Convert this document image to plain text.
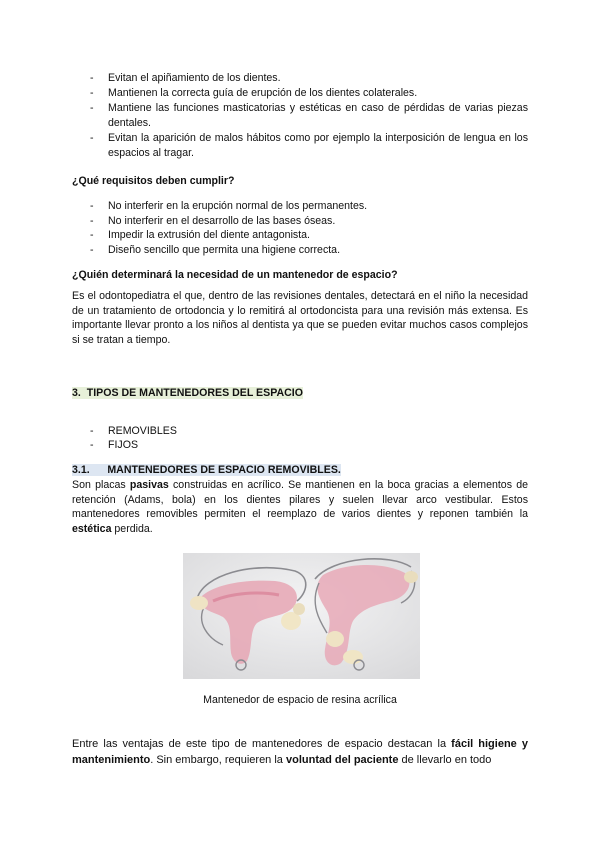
- Evitan el apiñamiento de los dientes.
- Mantienen la correcta guía de erupción de los dientes colaterales.
- Mantiene las funciones masticatorias y estéticas en caso de pérdidas de varias piezas dentales.
- Evitan la aparición de malos hábitos como por ejemplo la interposición de lengua en los espacios al tragar.

¿Qué requisitos deben cumplir?

- No interferir en la erupción normal de los permanentes.
- No interferir en el desarrollo de las bases óseas.
- Impedir la extrusión del diente antagonista.
- Diseño sencillo que permita una higiene correcta.

¿Quién determinará la necesidad de un mantenedor de espacio?

Es el odontopediatra el que, dentro de las revisiones dentales, detectará en el niño la necesidad de un tratamiento de ortodoncia y lo remitirá al ortodoncista para una revisión más extensa. Es importante llevar pronto a los niños al dentista ya que se pueden evitar muchos casos complejos si se tratan a tiempo.

3. TIPOS DE MANTENEDORES DEL ESPACIO

- REMOVIBLES
- FIJOS

3.1. MANTENEDORES DE ESPACIO REMOVIBLES.

Son placas pasivas construidas en acrílico. Se mantienen en la boca gracias a elementos de retención (Adams, bola) en los dientes pilares y suelen llevar arco vestibular. Estos mantenedores removibles permiten el reemplazo de varios dientes y reponen también la estética perdida.

Mantenedor de espacio de resina acrílica

Entre las ventajas de este tipo de mantenedores de espacio destacan la fácil higiene y mantenimiento. Sin embargo, requieren la voluntad del paciente de llevarlo en todo
